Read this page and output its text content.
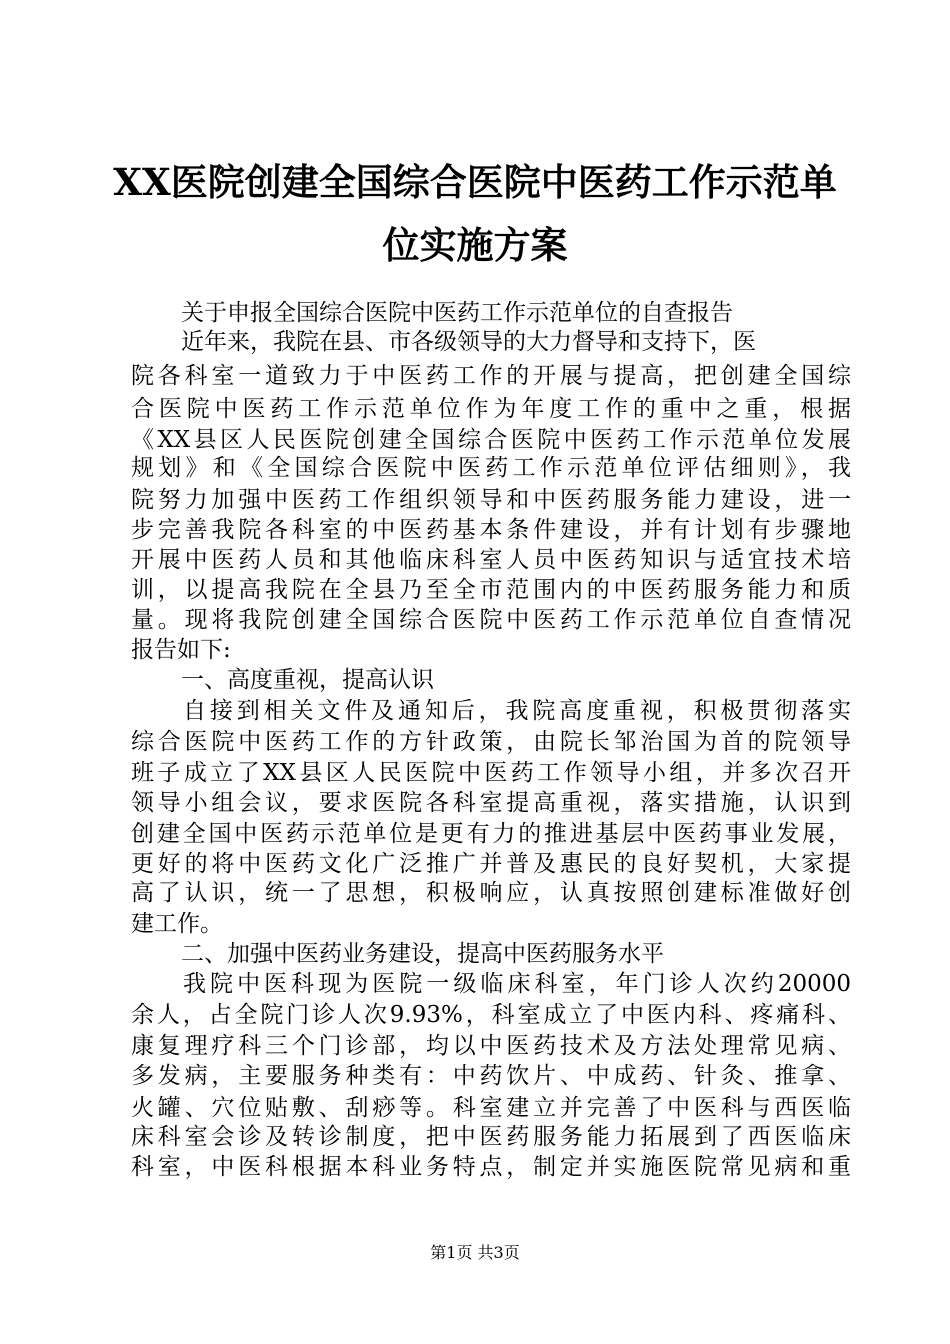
XX医院创建全国综合医院中医药工作示范单
位实施方案

关于申报全国综合医院中医药工作示范单位的自查报告

近年来，我院在县、市各级领导的大力督导和支持下，医

院各科室一道致力于中医药工作的开展与提高，把创建全国综

合医院中医药工作示范单位作为年度工作的重中之重，根据

《XX县区人民医院创建全国综合医院中医药工作示范单位发展

规划》和《全国综合医院中医药工作示范单位评估细则》，我

院努力加强中医药工作组织领导和中医药服务能力建设，进一

步完善我院各科室的中医药基本条件建设，并有计划有步骤地

开展中医药人员和其他临床科室人员中医药知识与适宜技术培

训，以提高我院在全县乃至全市范围内的中医药服务能力和质

量。现将我院创建全国综合医院中医药工作示范单位自查情况

报告如下:

一、高度重视，提高认识

自接到相关文件及通知后，我院高度重视，积极贯彻落实

综合医院中医药工作的方针政策，由院长邹治国为首的院领导

班子成立了XX县区人民医院中医药工作领导小组，并多次召开

领导小组会议，要求医院各科室提高重视，落实措施，认识到

创建全国中医药示范单位是更有力的推进基层中医药事业发展，

更好的将中医药文化广泛推广并普及惠民的良好契机，大家提

高了认识，统一了思想，积极响应，认真按照创建标准做好创

建工作。

二、加强中医药业务建设，提高中医药服务水平

我院中医科现为医院一级临床科室，年门诊人次约20000

余人，占全院门诊人次9.93%，科室成立了中医内科、疼痛科、

康复理疗科三个门诊部，均以中医药技术及方法处理常见病、

多发病，主要服务种类有：中药饮片、中成药、针灸、推拿、

火罐、穴位贴敷、刮痧等。科室建立并完善了中医科与西医临

床科室会诊及转诊制度，把中医药服务能力拓展到了西医临床

科室，中医科根据本科业务特点，制定并实施医院常见病和重

第1页 共3页
